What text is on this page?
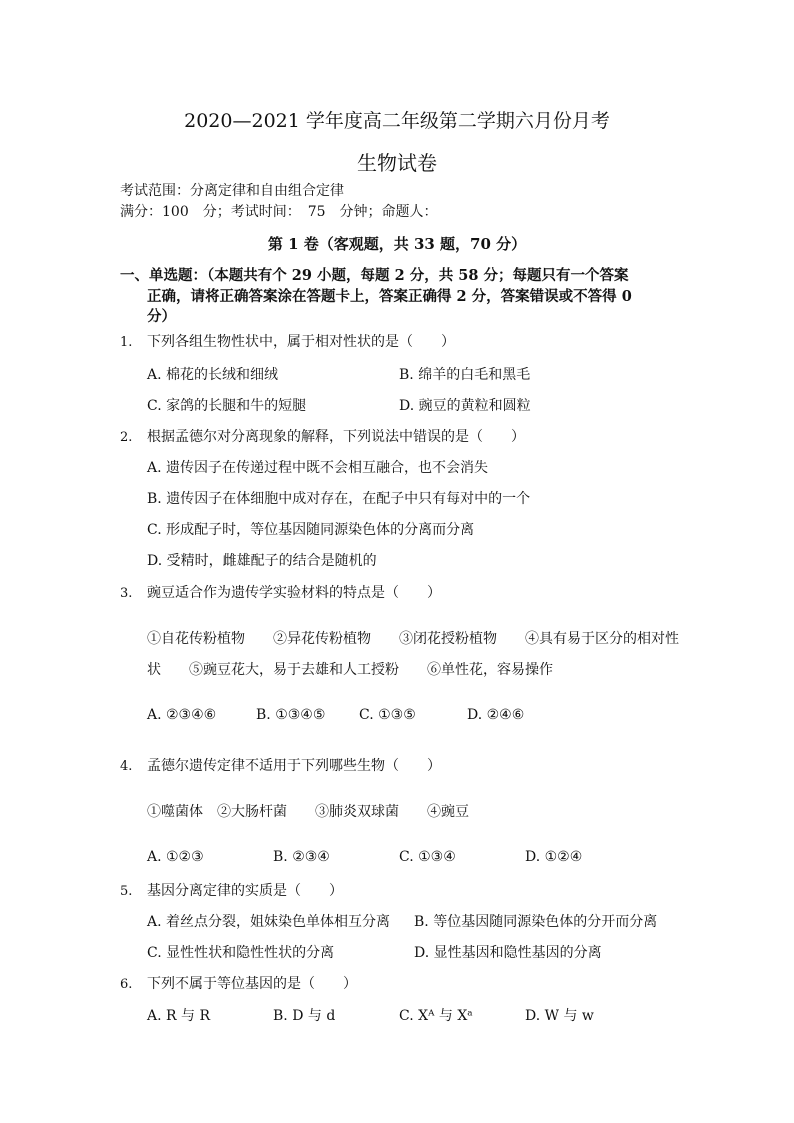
2020—2021 学年度高二年级第二学期六月份月考
生物试卷
考试范围：分离定律和自由组合定律
满分：100　分；考试时间：　75　分钟；命题人：
第 1 卷（客观题，共 33 题，70 分）
一、单选题：（本题共有个 29 小题，每题 2 分，共 58 分；每题只有一个答案
正确，请将正确答案涂在答题卡上，答案正确得 2 分，答案错误或不答得 0
分）
1. 下列各组生物性状中，属于相对性状的是（　　）
A. 棉花的长绒和细绒	B. 绵羊的白毛和黑毛
C. 家鸽的长腿和牛的短腿	D. 豌豆的黄粒和圆粒
2. 根据孟德尔对分离现象的解释，下列说法中错误的是（　　）
A. 遗传因子在传递过程中既不会相互融合，也不会消失
B. 遗传因子在体细胞中成对存在，在配子中只有每对中的一个
C. 形成配子时，等位基因随同源染色体的分离而分离
D. 受精时，雌雄配子的结合是随机的
3. 豌豆适合作为遗传学实验材料的特点是（　　）
①自花传粉植物　　②异花传粉植物　　③闭花授粉植物　　④具有易于区分的相对性
状　　⑤豌豆花大，易于去雄和人工授粉　　⑥单性花，容易操作
A. ②③④⑥	B. ①③④⑤ C. ①③⑤	D. ②④⑥
4. 孟德尔遗传定律不适用于下列哪些生物（　　）
①噬菌体　②大肠杆菌　　③肺炎双球菌　　④豌豆
A. ①②③	B. ②③④	C. ①③④	D. ①②④
5. 基因分离定律的实质是（　　）
A. 着丝点分裂，姐妹染色单体相互分离 B. 等位基因随同源染色体的分开而分离
C. 显性性状和隐性性状的分离	D. 显性基因和隐性基因的分离
6. 下列不属于等位基因的是（　　）
A. R 与 R	B. D 与 d	C. Xᴬ 与 Xᵃ	D. W 与 w
